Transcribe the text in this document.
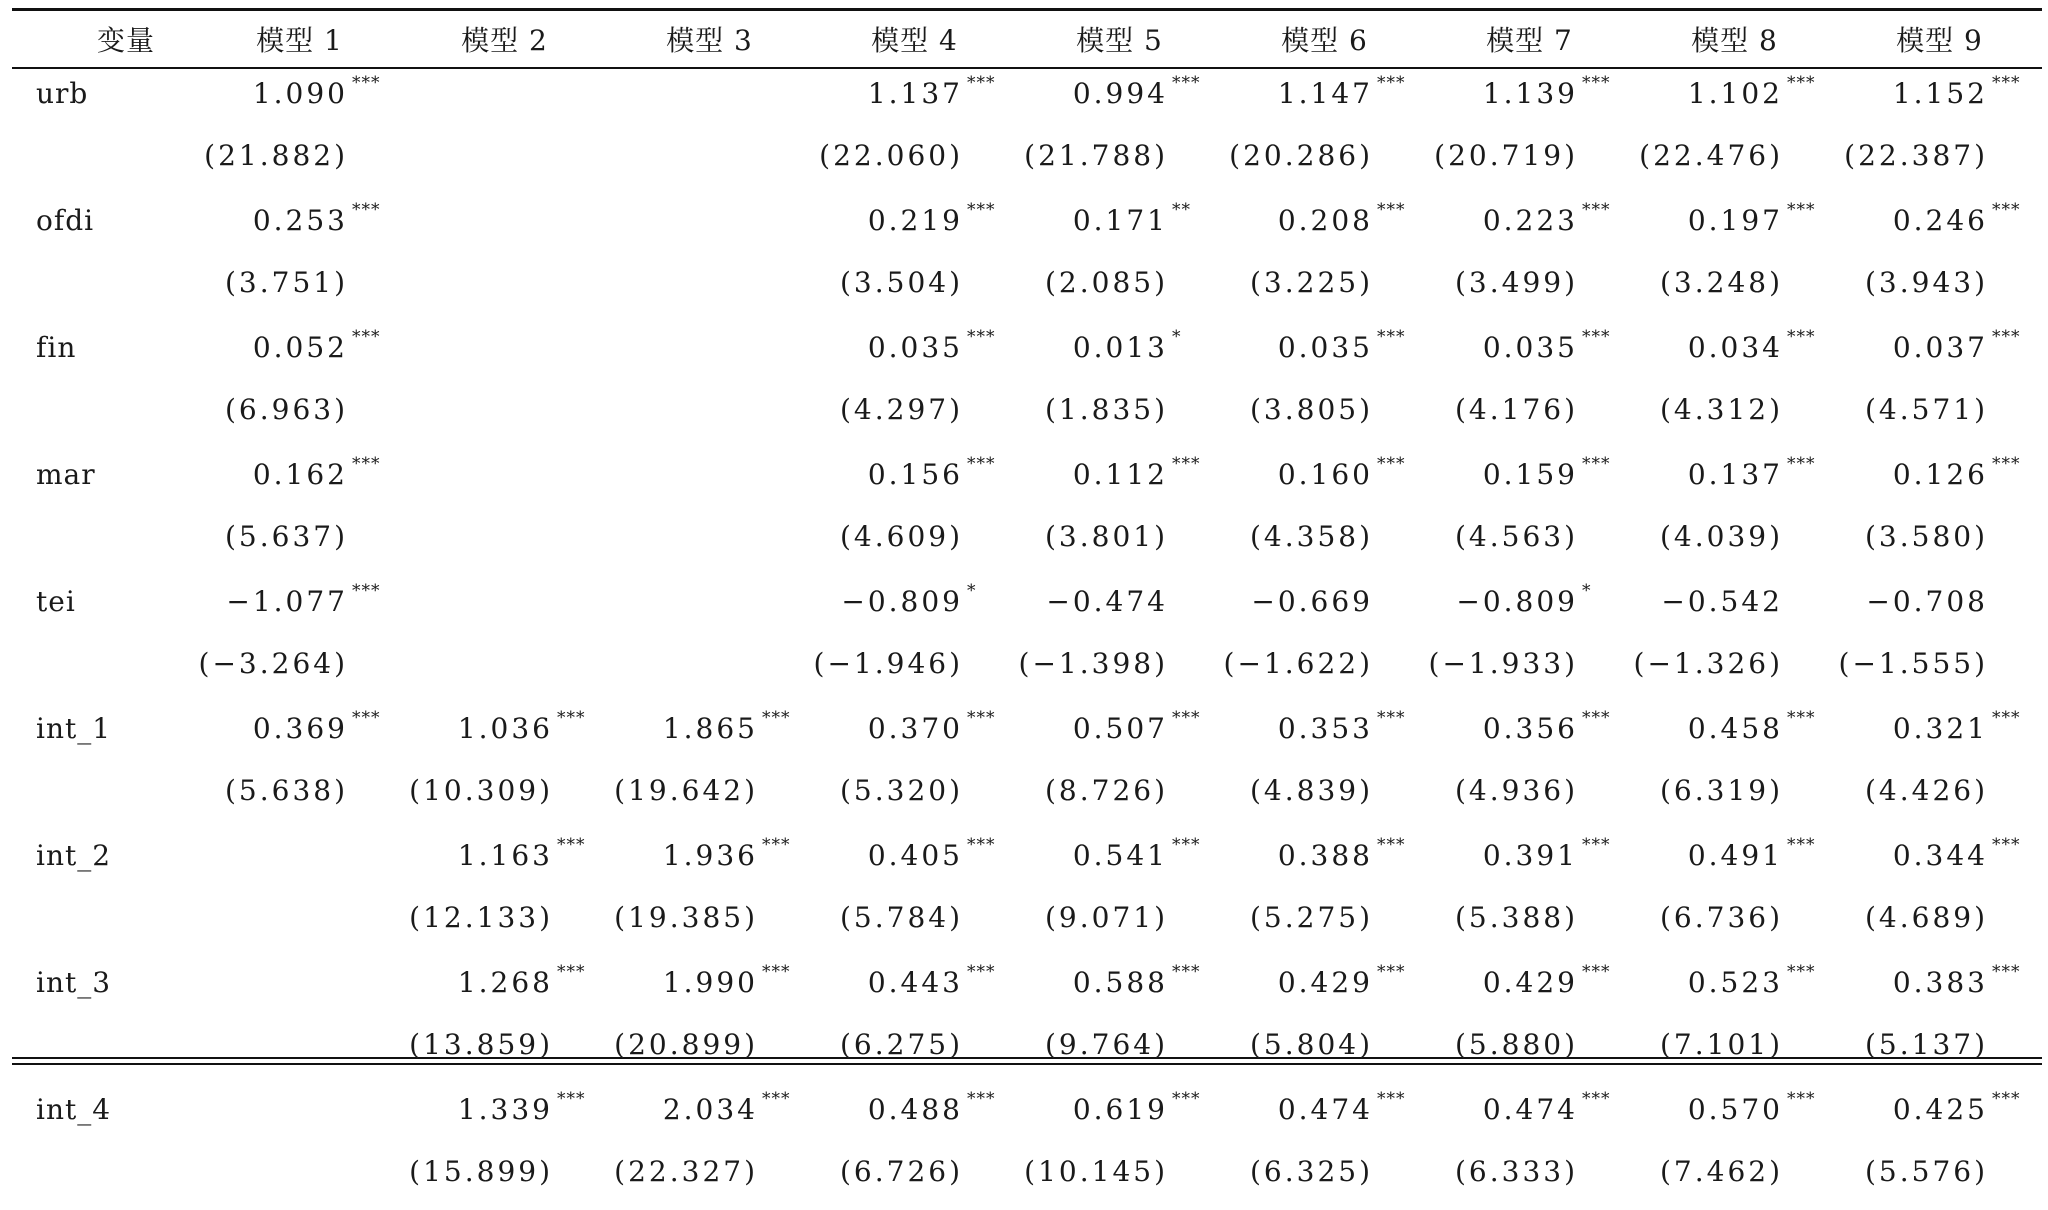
变量	模型 1	模型 2	模型 3	模型 4	模型 5	模型 6	模型 7	模型 8	模型 9
urb	1.090 ***			1.137 ***	0.994 ***	1.147 ***	1.139 ***	1.102 ***	1.152 ***
	(21.882)			(22.060)	(21.788)	(20.286)	(20.719)	(22.476)	(22.387)
ofdi	0.253 ***			0.219 ***	0.171 **	0.208 ***	0.223 ***	0.197 ***	0.246 ***
	(3.751)			(3.504)	(2.085)	(3.225)	(3.499)	(3.248)	(3.943)
fin	0.052 ***			0.035 ***	0.013 *	0.035 ***	0.035 ***	0.034 ***	0.037 ***
	(6.963)			(4.297)	(1.835)	(3.805)	(4.176)	(4.312)	(4.571)
mar	0.162 ***			0.156 ***	0.112 ***	0.160 ***	0.159 ***	0.137 ***	0.126 ***
	(5.637)			(4.609)	(3.801)	(4.358)	(4.563)	(4.039)	(3.580)
tei	−1.077 ***			−0.809 *	−0.474	−0.669	−0.809 *	−0.542	−0.708
	(−3.264)			(−1.946)	(−1.398)	(−1.622)	(−1.933)	(−1.326)	(−1.555)
int_1	0.369 ***	1.036 ***	1.865 ***	0.370 ***	0.507 ***	0.353 ***	0.356 ***	0.458 ***	0.321 ***
	(5.638)	(10.309)	(19.642)	(5.320)	(8.726)	(4.839)	(4.936)	(6.319)	(4.426)
int_2		1.163 ***	1.936 ***	0.405 ***	0.541 ***	0.388 ***	0.391 ***	0.491 ***	0.344 ***
		(12.133)	(19.385)	(5.784)	(9.071)	(5.275)	(5.388)	(6.736)	(4.689)
int_3		1.268 ***	1.990 ***	0.443 ***	0.588 ***	0.429 ***	0.429 ***	0.523 ***	0.383 ***
		(13.859)	(20.899)	(6.275)	(9.764)	(5.804)	(5.880)	(7.101)	(5.137)
int_4		1.339 ***	2.034 ***	0.488 ***	0.619 ***	0.474 ***	0.474 ***	0.570 ***	0.425 ***
		(15.899)	(22.327)	(6.726)	(10.145)	(6.325)	(6.333)	(7.462)	(5.576)
